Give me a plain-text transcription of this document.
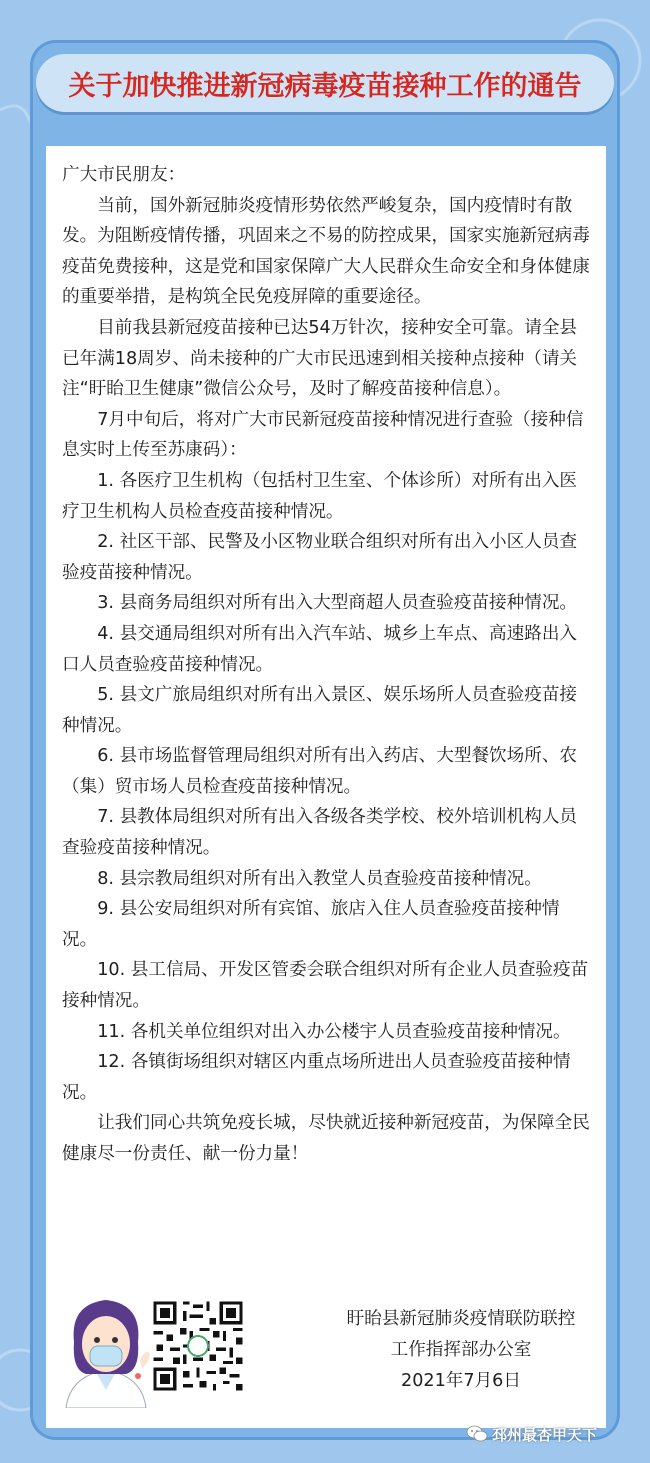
关于加快推进新冠病毒疫苗接种工作的通告

广大市民朋友：

当前，国外新冠肺炎疫情形势依然严峻复杂，国内疫情时有散发。为阻断疫情传播，巩固来之不易的防控成果，国家实施新冠病毒疫苗免费接种，这是党和国家保障广大人民群众生命安全和身体健康的重要举措，是构筑全民免疫屏障的重要途径。

目前我县新冠疫苗接种已达54万针次，接种安全可靠。请全县已年满18周岁、尚未接种的广大市民迅速到相关接种点接种（请关注“盱眙卫生健康”微信公众号，及时了解疫苗接种信息）。

7月中旬后，将对广大市民新冠疫苗接种情况进行查验（接种信息实时上传至苏康码）：

1. 各医疗卫生机构（包括村卫生室、个体诊所）对所有出入医疗卫生机构人员检查疫苗接种情况。

2. 社区干部、民警及小区物业联合组织对所有出入小区人员查验疫苗接种情况。

3. 县商务局组织对所有出入大型商超人员查验疫苗接种情况。

4. 县交通局组织对所有出入汽车站、城乡上车点、高速路出入口人员查验疫苗接种情况。

5. 县文广旅局组织对所有出入景区、娱乐场所人员查验疫苗接种情况。

6. 县市场监督管理局组织对所有出入药店、大型餐饮场所、农（集）贸市场人员检查疫苗接种情况。

7. 县教体局组织对所有出入各级各类学校、校外培训机构人员查验疫苗接种情况。

8. 县宗教局组织对所有出入教堂人员查验疫苗接种情况。

9. 县公安局组织对所有宾馆、旅店入住人员查验疫苗接种情况。

10. 县工信局、开发区管委会联合组织对所有企业人员查验疫苗接种情况。

11. 各机关单位组织对出入办公楼宇人员查验疫苗接种情况。

12. 各镇街场组织对辖区内重点场所进出人员查验疫苗接种情况。

让我们同心共筑免疫长城，尽快就近接种新冠疫苗，为保障全民健康尽一份责任、献一份力量！

盱眙县新冠肺炎疫情联防联控
工作指挥部办公室
2021年7月6日
邳州最杏甲天下
